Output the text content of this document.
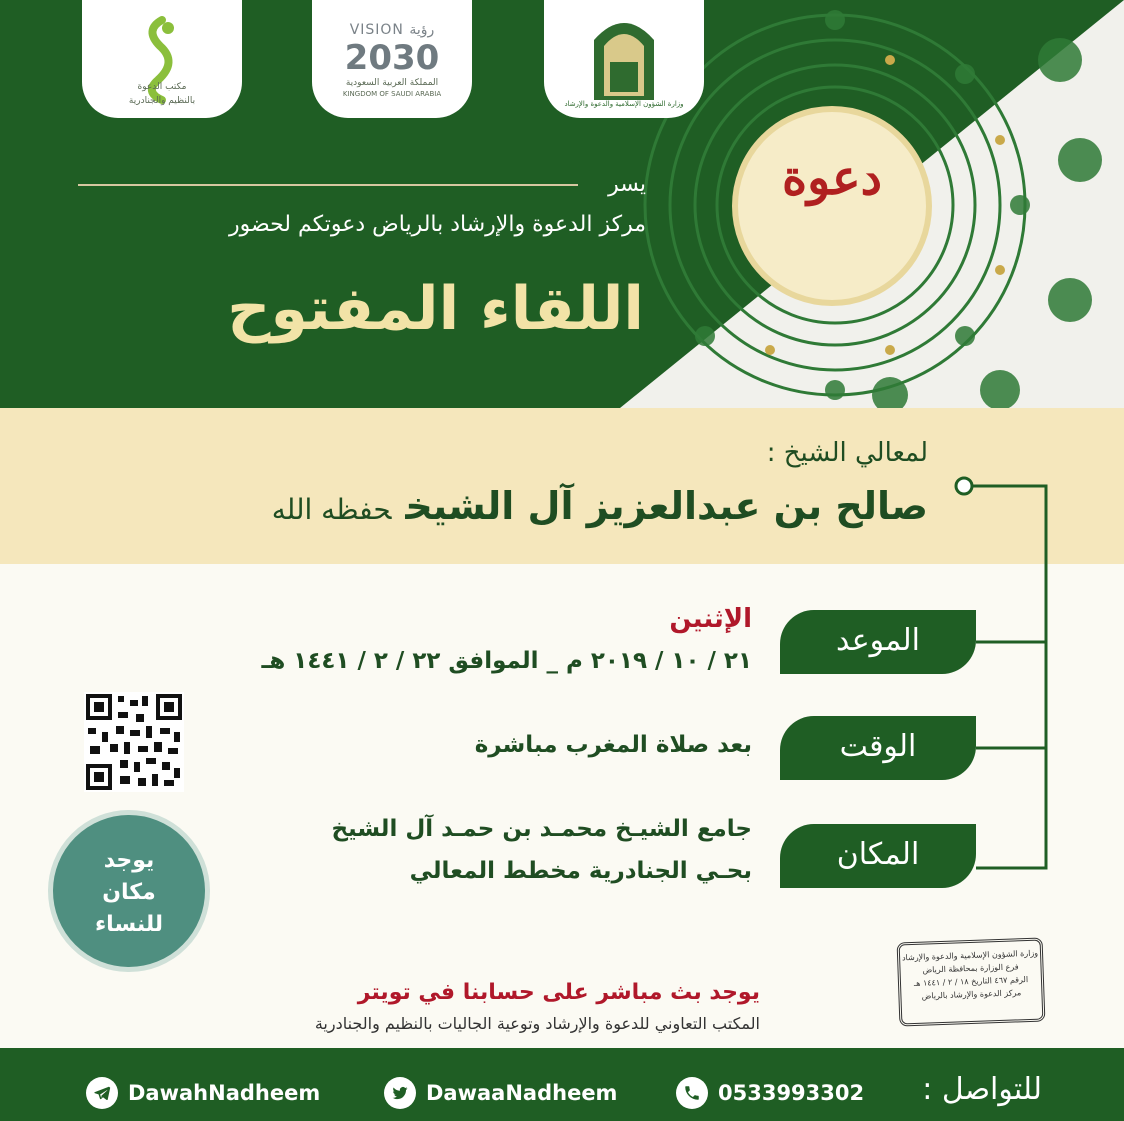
مكتب الدعوة
بالنظيم والجنادرية
VISION رؤية
2030
المملكة العربية السعودية
KINGDOM OF SAUDI ARABIA
وزارة الشؤون الإسلامية والدعوة والإرشاد
دعوة
يسر
مركز الدعوة والإرشاد بالرياض دعوتكم لحضور
اللقاء المفتوح
لمعالي الشيخ :
صالح بن عبدالعزيز آل الشيخحفظه الله
الموعد
الوقت
المكان
الإثنين
٢١ / ١٠ / ٢٠١٩ م _ الموافق ٢٢ / ٢ / ١٤٤١ هـ
بعد صلاة المغرب مباشرة
جامع الشيـخ محمـد بن حمـد آل الشيخ
بحـي الجنادرية مخطط المعالي
يوجد
مكان
للنساء
وزارة الشؤون الإسلامية والدعوة والإرشاد
فرع الوزارة بمحافظة الرياض
الرقم ٤٦٧ التاريخ ١٨ / ٢ / ١٤٤١ هـ
مركز الدعوة والإرشاد بالرياض
يوجد بث مباشر على حسابنا في تويتر
المكتب التعاوني للدعوة والإرشاد وتوعية الجاليات بالنظيم والجنادرية
للتواصل :
0533993302
DawaaNadheem
DawahNadheem
